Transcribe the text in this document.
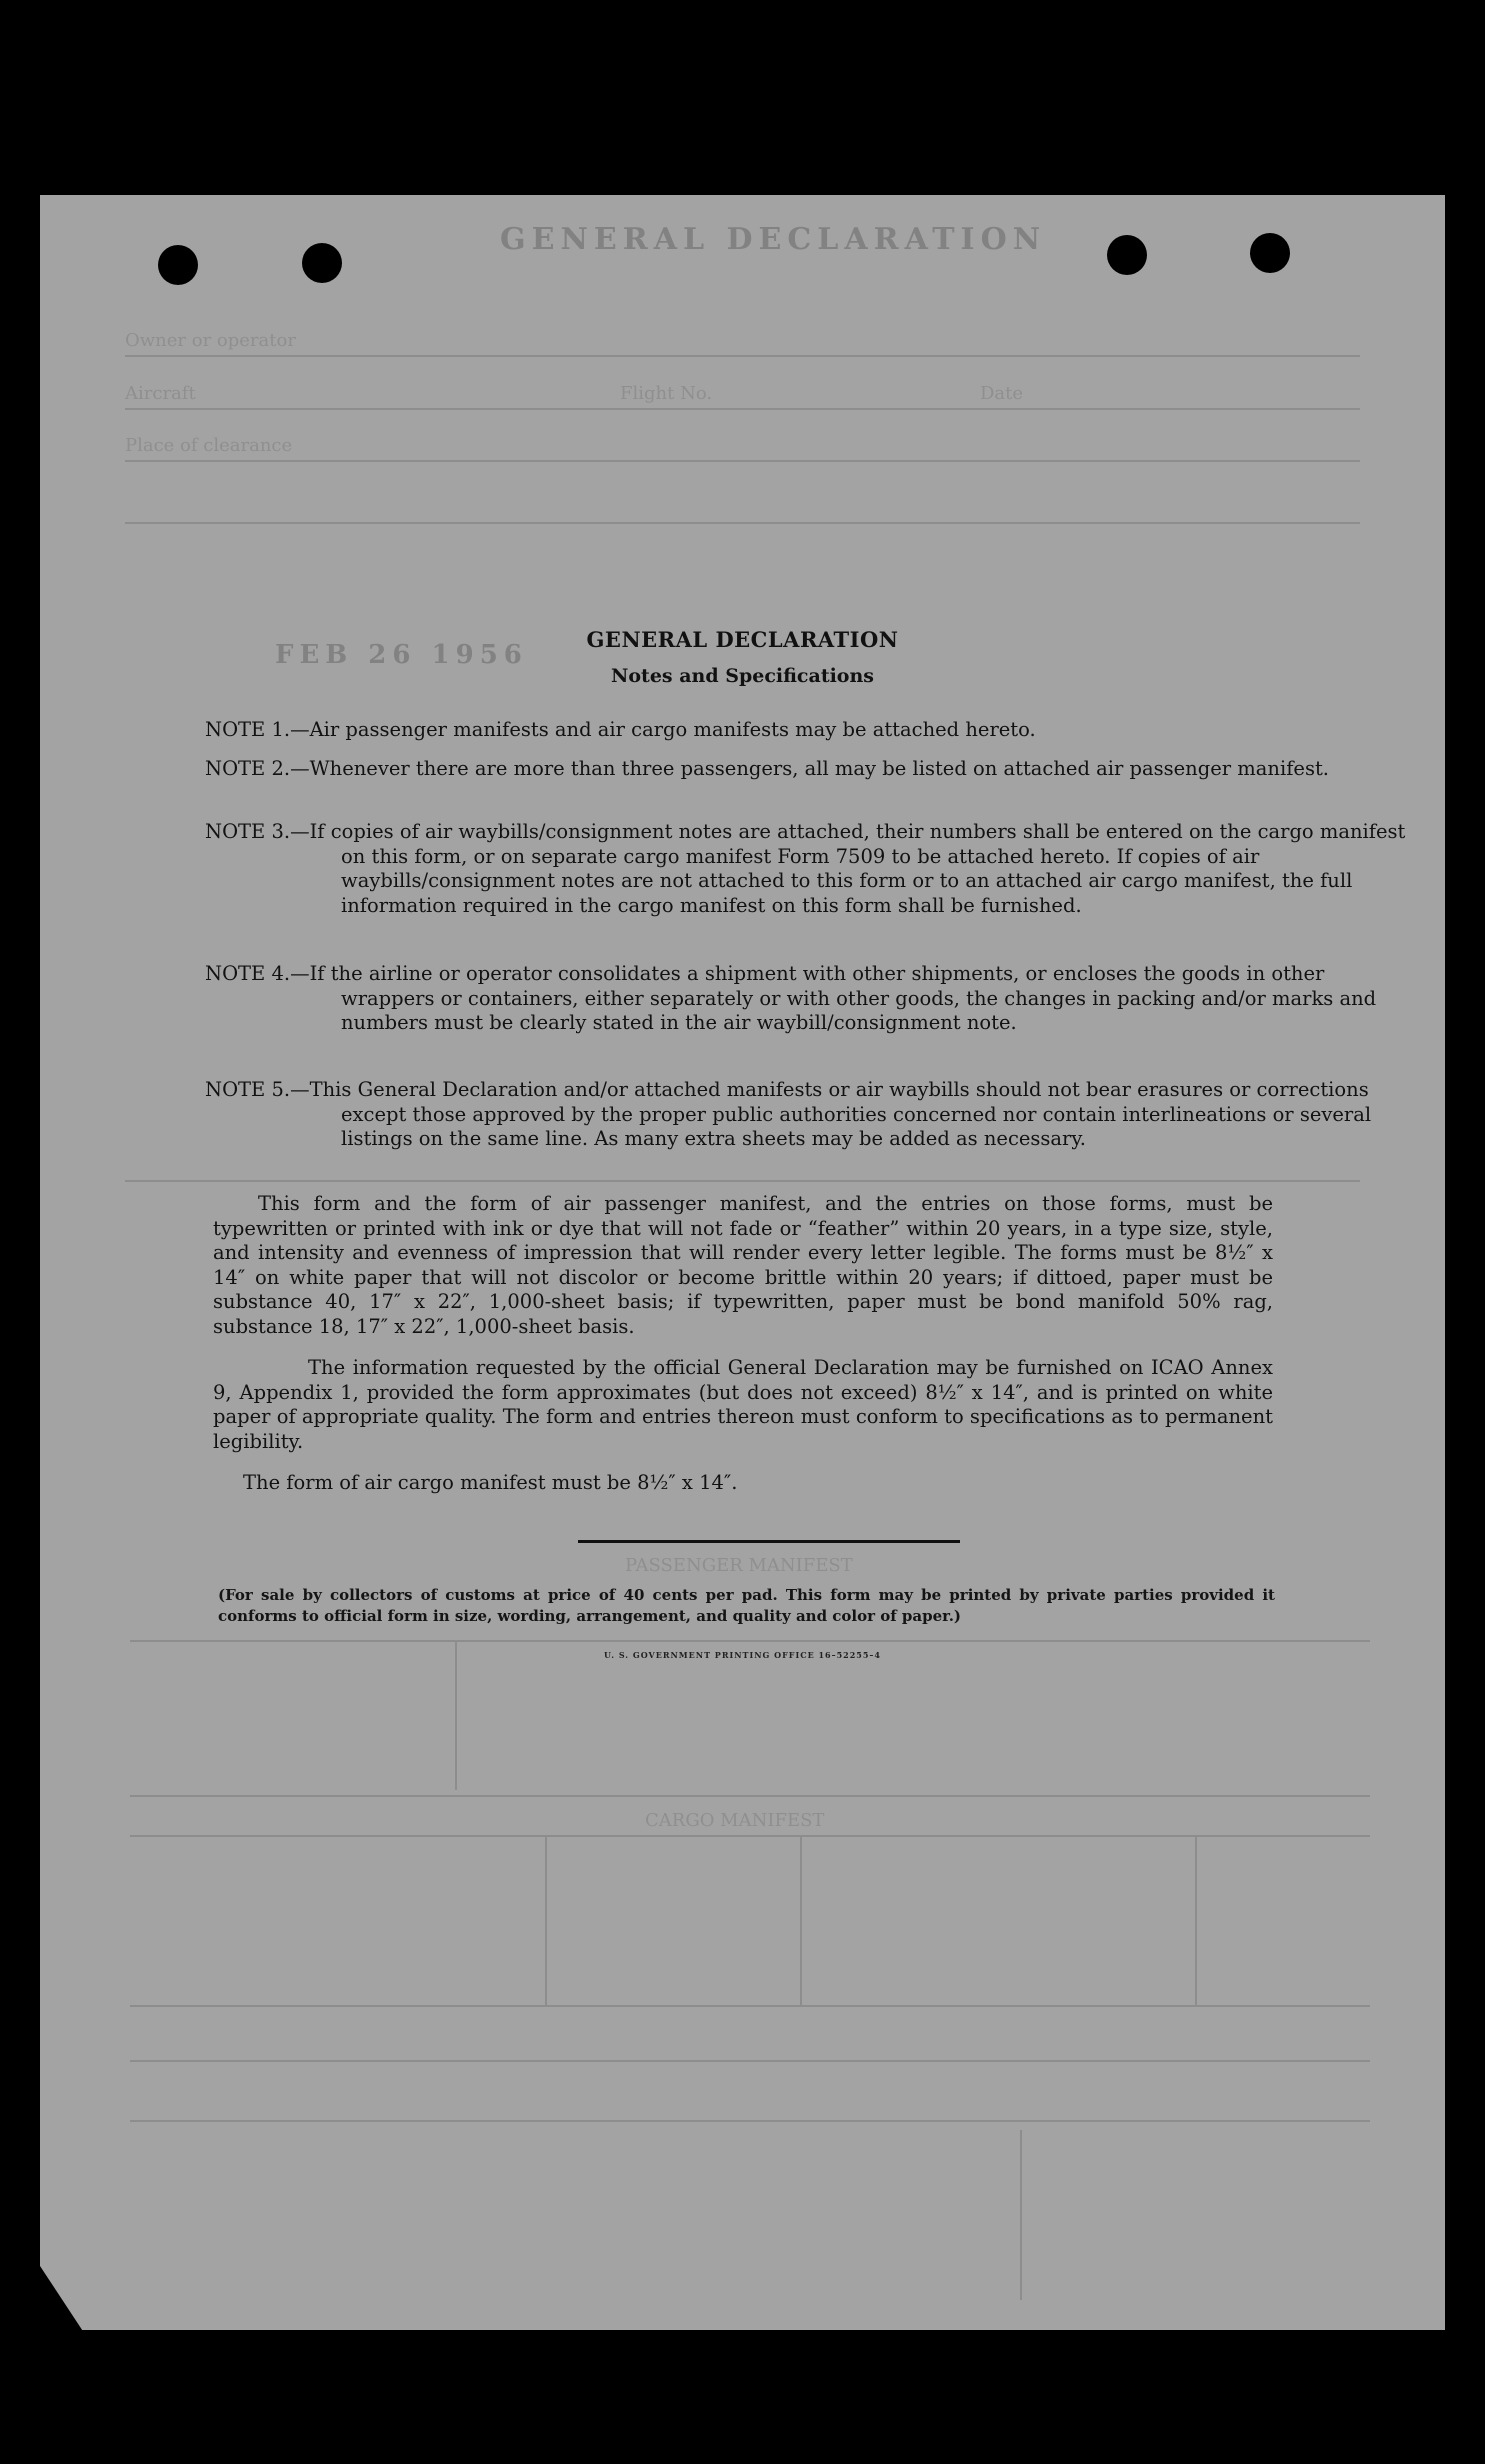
GENERAL DECLARATION
Owner or operator
Aircraft	Flight No.	Date
Place of clearance
FEB 26 1956
PASSENGER MANIFEST
CARGO MANIFEST
GENERAL DECLARATION
Notes and Specifications
NOTE 1.—Air passenger manifests and air cargo manifests may be attached hereto.
NOTE 2.—Whenever there are more than three passengers, all may be listed on attached air passenger manifest.
NOTE 3.—If copies of air waybills/consignment notes are attached, their numbers shall be entered on the cargo manifest on this form, or on separate cargo manifest Form 7509 to be attached hereto. If copies of air waybills/consignment notes are not attached to this form or to an attached air cargo manifest, the full information required in the cargo manifest on this form shall be furnished.
NOTE 4.—If the airline or operator consolidates a shipment with other shipments, or encloses the goods in other wrappers or containers, either separately or with other goods, the changes in packing and/or marks and numbers must be clearly stated in the air waybill/consignment note.
NOTE 5.—This General Declaration and/or attached manifests or air waybills should not bear erasures or corrections except those approved by the proper public authorities concerned nor contain interlineations or several listings on the same line. As many extra sheets may be added as necessary.
This form and the form of air passenger manifest, and the entries on those forms, must be typewritten or printed with ink or dye that will not fade or “feather” within 20 years, in a type size, style, and intensity and evenness of impression that will render every letter legible. The forms must be 8½″ x 14″ on white paper that will not discolor or become brittle within 20 years; if dittoed, paper must be substance 40, 17″ x 22″, 1,000-sheet basis; if typewritten, paper must be bond manifold 50% rag, substance 18, 17″ x 22″, 1,000-sheet basis.
The information requested by the official General Declaration may be furnished on ICAO Annex 9, Appendix 1, provided the form approximates (but does not exceed) 8½″ x 14″, and is printed on white paper of appropriate quality. The form and entries thereon must conform to specifications as to permanent legibility.
The form of air cargo manifest must be 8½″ x 14″.
(For sale by collectors of customs at price of 40 cents per pad. This form may be printed by private parties provided it conforms to official form in size, wording, arrangement, and quality and color of paper.)
U. S. GOVERNMENT PRINTING OFFICE 16–52255–4
